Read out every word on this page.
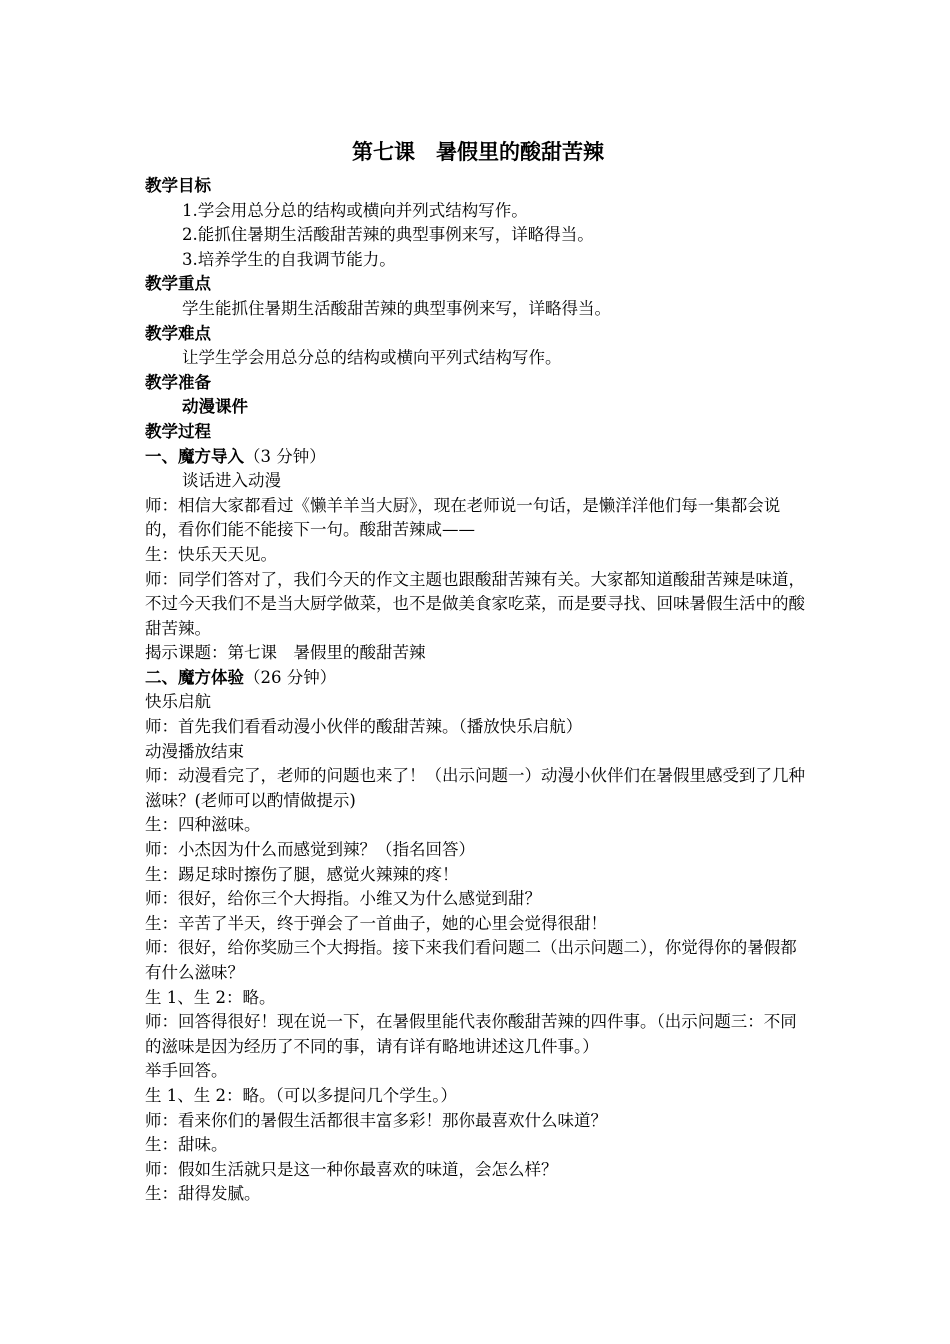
第七课　暑假里的酸甜苦辣

教学目标

1.学会用总分总的结构或横向并列式结构写作。

2.能抓住暑期生活酸甜苦辣的典型事例来写，详略得当。

3.培养学生的自我调节能力。

教学重点

学生能抓住暑期生活酸甜苦辣的典型事例来写，详略得当。

教学难点

让学生学会用总分总的结构或横向平列式结构写作。

教学准备

动漫课件

教学过程

一、魔方导入（3 分钟）

谈话进入动漫

师：相信大家都看过《懒羊羊当大厨》，现在老师说一句话，是懒洋洋他们每一集都会说的，看你们能不能接下一句。酸甜苦辣咸——

生：快乐天天见。

师：同学们答对了，我们今天的作文主题也跟酸甜苦辣有关。大家都知道酸甜苦辣是味道，不过今天我们不是当大厨学做菜，也不是做美食家吃菜，而是要寻找、回味暑假生活中的酸甜苦辣。

揭示课题：第七课　暑假里的酸甜苦辣

二、魔方体验（26 分钟）

快乐启航

师：首先我们看看动漫小伙伴的酸甜苦辣。（播放快乐启航）

动漫播放结束

师：动漫看完了，老师的问题也来了！（出示问题一）动漫小伙伴们在暑假里感受到了几种滋味？(老师可以酌情做提示)

生：四种滋味。

师：小杰因为什么而感觉到辣？（指名回答）

生：踢足球时擦伤了腿，感觉火辣辣的疼！

师：很好，给你三个大拇指。小维又为什么感觉到甜？

生：辛苦了半天，终于弹会了一首曲子，她的心里会觉得很甜！

师：很好，给你奖励三个大拇指。接下来我们看问题二（出示问题二），你觉得你的暑假都有什么滋味？

生 1、生 2：略。

师：回答得很好！现在说一下，在暑假里能代表你酸甜苦辣的四件事。（出示问题三：不同的滋味是因为经历了不同的事，请有详有略地讲述这几件事。）

举手回答。

生 1、生 2：略。（可以多提问几个学生。）

师：看来你们的暑假生活都很丰富多彩！那你最喜欢什么味道？

生：甜味。

师：假如生活就只是这一种你最喜欢的味道，会怎么样？

生：甜得发腻。
